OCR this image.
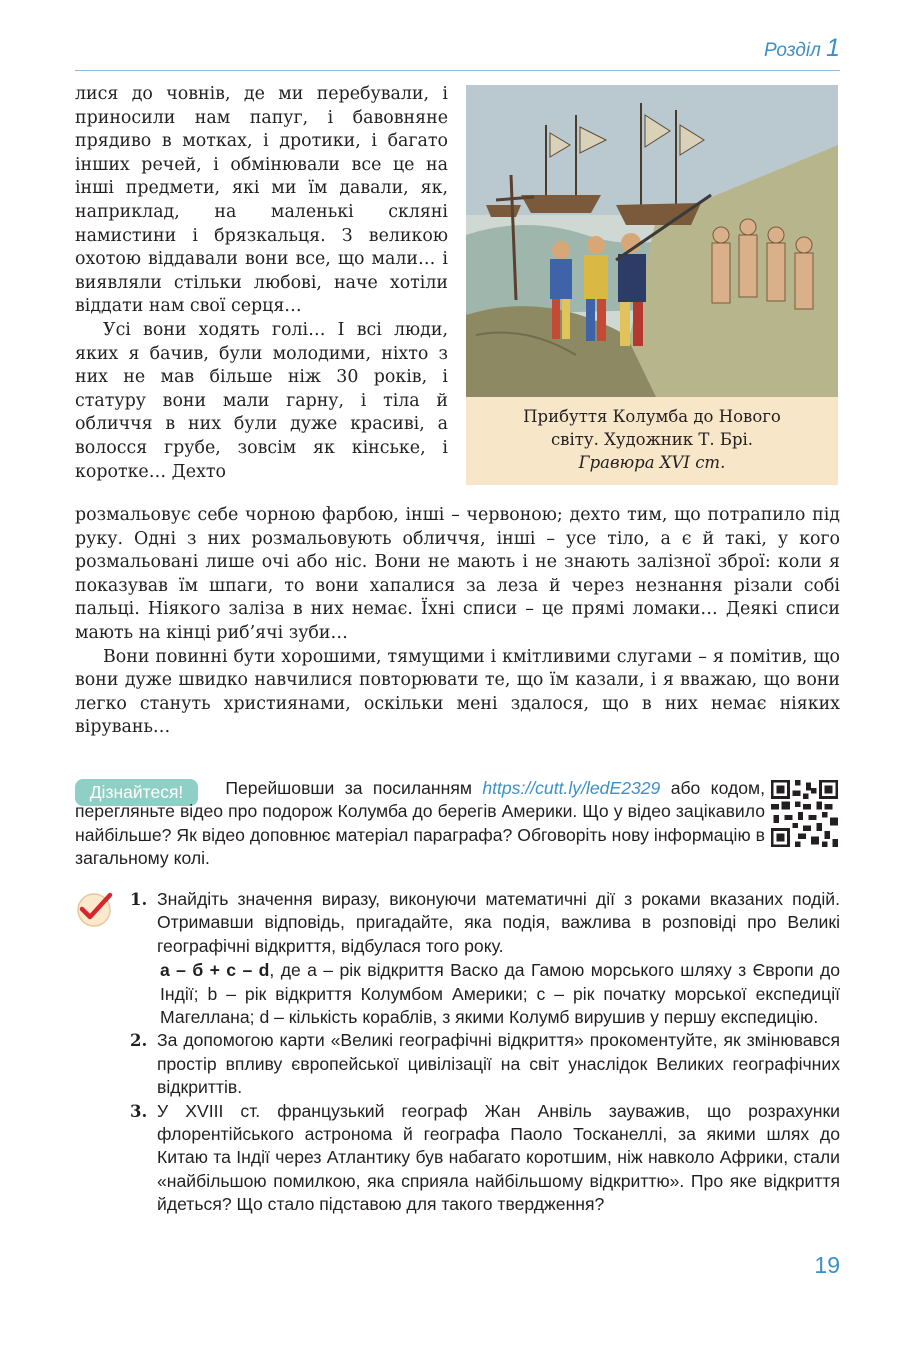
Розділ 1

лися до човнів, де ми перебували, і приносили нам папуг, і бавовняне прядиво в мотках, і дротики, і багато інших речей, і обмінювали все це на інші предмети, які ми їм давали, як, наприклад, на маленькі скляні намистини і брязкальця. З великою охотою віддавали вони все, що мали… і виявляли стільки любові, наче хотіли віддати нам свої серця…

Усі вони ходять голі… І всі люди, яких я бачив, були молодими, ніхто з них не мав більше ніж 30 років, і статуру вони мали гарну, і тіла й обличчя в них були дуже красиві, а волосся грубе, зовсім як кінське, і коротке… Дехто

Прибуття Колумба до Нового
світу. Художник Т. Брі.
Гравюра XVI ст.

розмальовує себе чорною фарбою, інші – червоною; дехто тим, що потрапило під руку. Одні з них розмальовують обличчя, інші – усе тіло, а є й такі, у кого розмальовані лише очі або ніс. Вони не мають і не знають залізної зброї: коли я показував їм шпаги, то вони хапалися за леза й через незнання різали собі пальці. Ніякого заліза в них немає. Їхні списи – це прямі ломаки… Деякі списи мають на кінці риб’ячі зуби…

Вони повинні бути хорошими, тямущими і кмітливими слугами – я помітив, що вони дуже швидко навчилися повторювати те, що їм казали, і я вважаю, що вони легко стануть християнами, оскільки мені здалося, що в них немає ніяких вірувань…

Дізнайтеся!	Перейшовши за посиланням https://cutt.ly/ledE2329 або кодом, перегляньте відео про подорож Колумба до берегів Америки. Що у відео зацікавило найбільше? Як відео доповнює матеріал параграфа? Обговоріть нову інформацію в загальному колі.
1. Знайдіть значення виразу, виконуючи математичні дії з роками вказаних подій. Отримавши відповідь, пригадайте, яка подія, важлива в розповіді про Великі географічні відкриття, відбулася того року.
а – б + с – d, де а – рік відкриття Васко да Гамою морського шляху з Європи до Індії; b – рік відкриття Колумбом Америки; с – рік початку морської експедиції Магеллана; d – кількість кораблів, з якими Колумб вирушив у першу експедицію.
2. За допомогою карти «Великі географічні відкриття» прокоментуйте, як змінювався простір впливу європейської цивілізації на світ унаслідок Великих географічних відкриттів.
3. У XVIII ст. французький географ Жан Анвіль зауважив, що розрахунки флорентійського астронома й географа Паоло Тосканеллі, за якими шлях до Китаю та Індії через Атлантику був набагато коротшим, ніж навколо Африки, стали «найбільшою помилкою, яка сприяла найбільшому відкриттю». Про яке відкриття йдеться? Що стало підставою для такого твердження?
19
